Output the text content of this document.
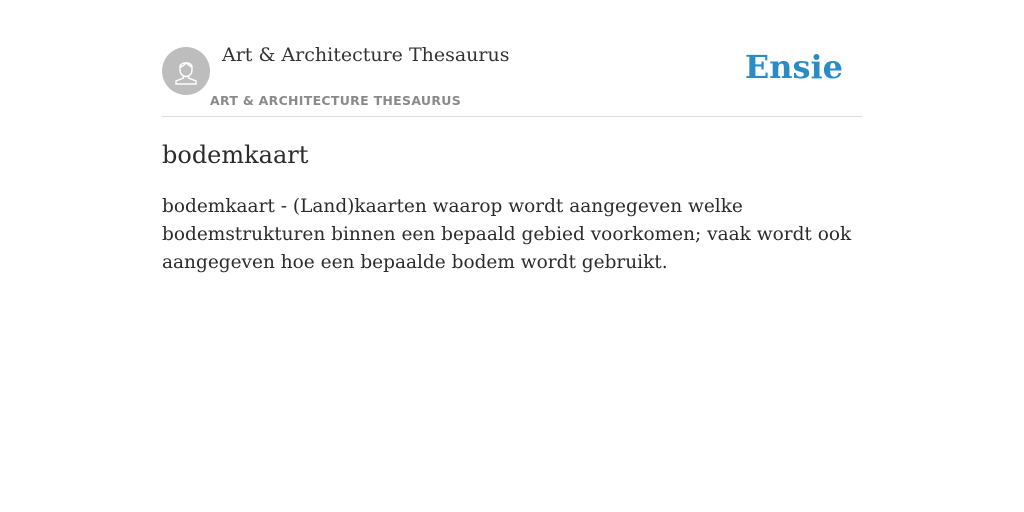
Art & Architecture Thesaurus
ART & ARCHITECTURE THESAURUS
Ensie
bodemkaart

bodemkaart - (Land)kaarten waarop wordt aangegeven welke bodemstrukturen binnen een bepaald gebied voorkomen; vaak wordt ook aangegeven hoe een bepaalde bodem wordt gebruikt.
